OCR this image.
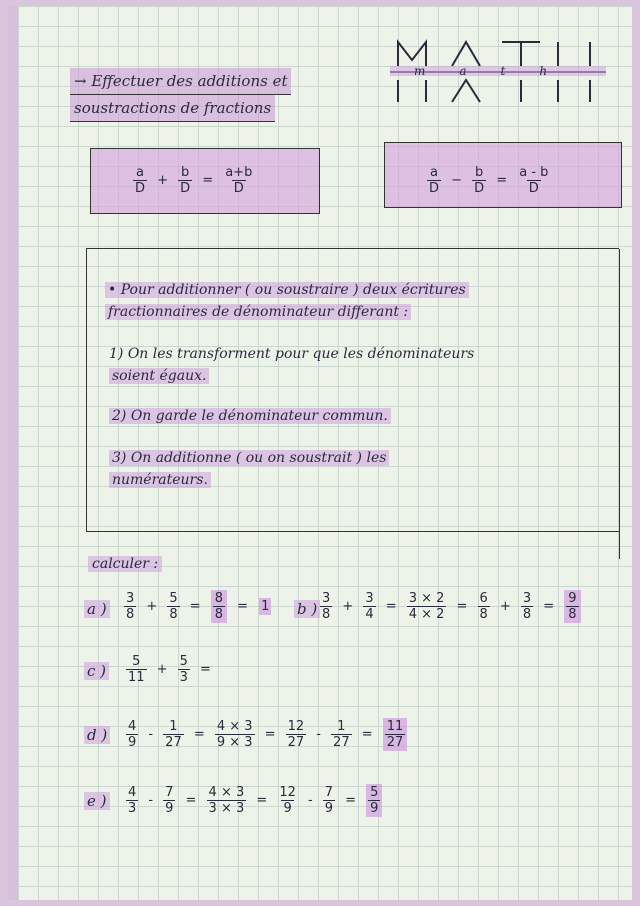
→ Effectuer des additions et
soustractions de fractions
math
$\frac{a}{D} + \frac{b}{D} = \frac{a+b}{D}$	$\frac{a}{D} - \frac{b}{D} = \frac{a - b}{D}$
• Pour additionner ( ou soustraire ) deux écritures
fractionnaires de dénominateur differant :
1) On les transforment pour que les dénominateurs
soient égaux.
2) On garde le dénominateur commun.
3) On additionne ( ou on soustrait ) les
numérateurs.
calculer :
a ) $\frac{3}{8} + \frac{5}{8} = \frac{8}{8} = 1$	b ) $\frac{3}{8} + \frac{3}{4} = \frac{3 \times 2}{4 \times 2} = \frac{6}{8} + \frac{3}{8} = \frac{9}{8}$
c ) $\frac{5}{11} + \frac{5}{3}$ =
d ) $\frac{4}{9} - \frac{1}{27} = \frac{4 \times 3}{9 \times 3} = \frac{12}{27} - \frac{1}{27} = \frac{11}{27}$
e ) $\frac{4}{3} - \frac{7}{9} = \frac{4 \times 3}{3 \times 3} = \frac{12}{9} - \frac{7}{9} = \frac{5}{9}$
